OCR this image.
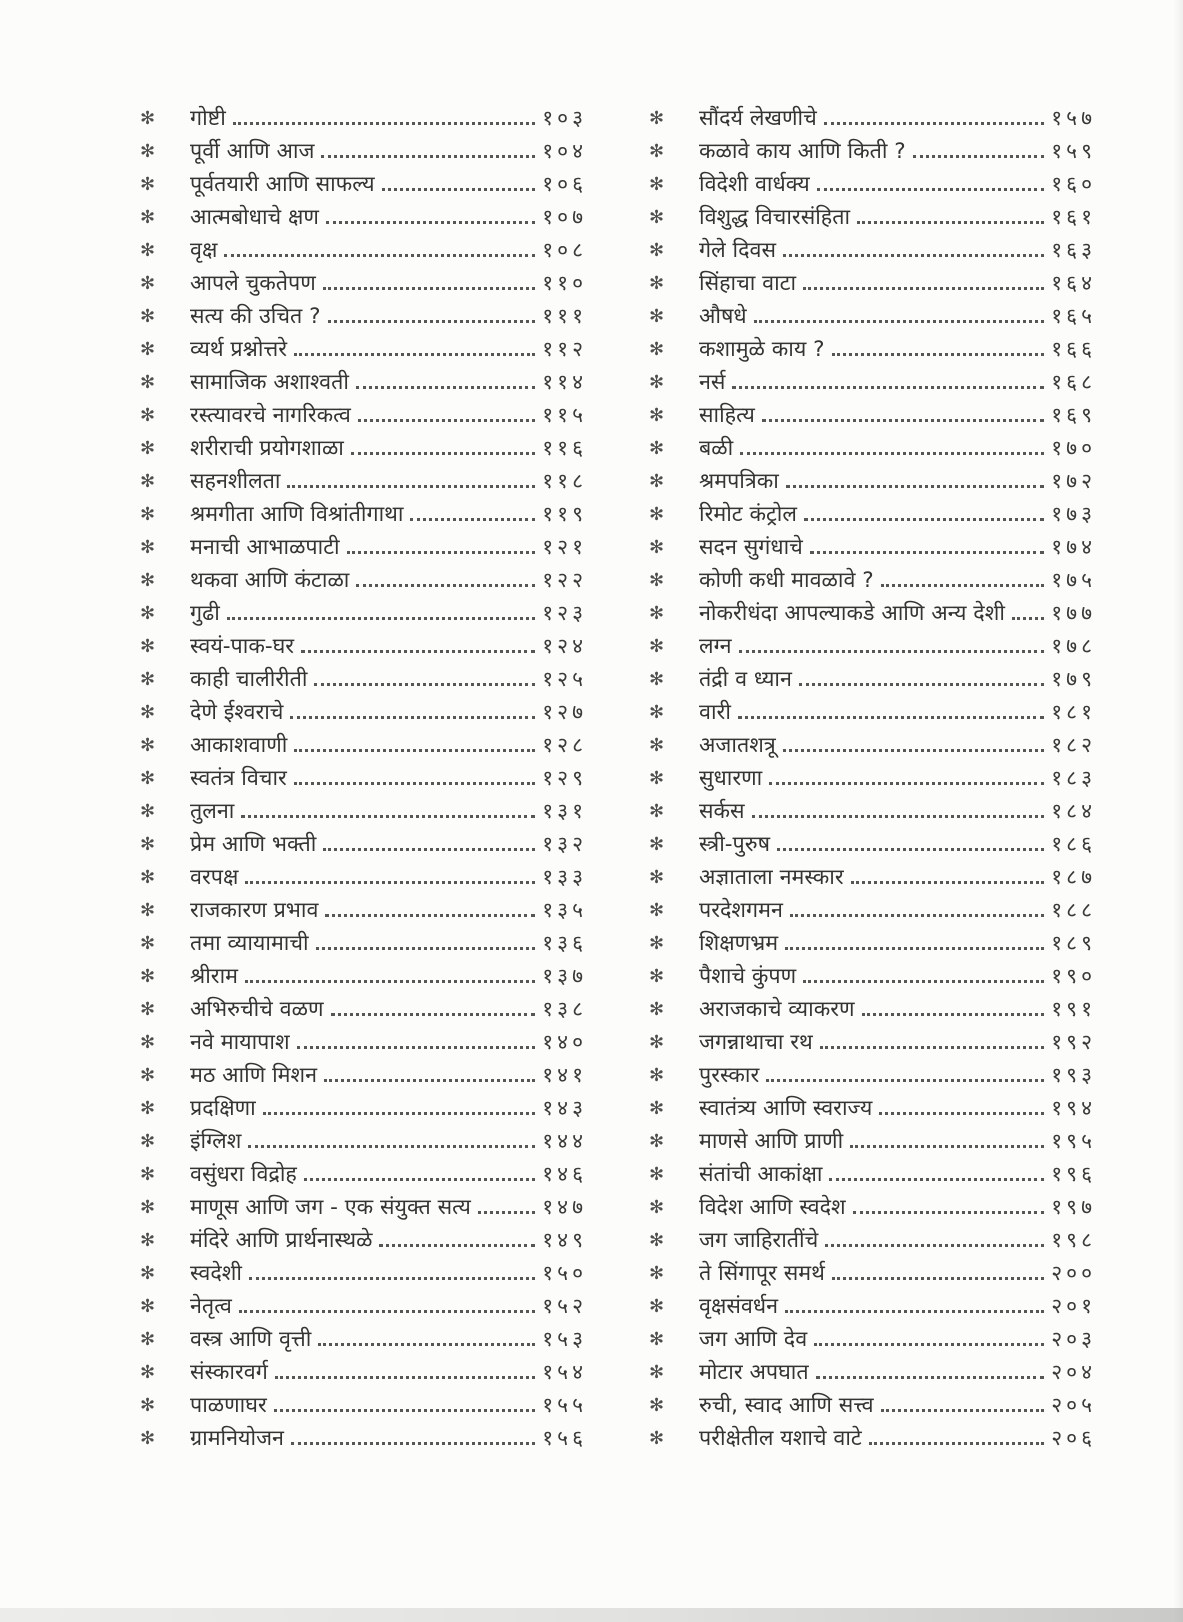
✻	गोष्टी	१०३
✻	पूर्वी आणि आज	१०४
✻	पूर्वतयारी आणि साफल्य	१०६
✻	आत्मबोधाचे क्षण	१०७
✻	वृक्ष	१०८
✻	आपले चुकतेपण	११०
✻	सत्य की उचित ?	१११
✻	व्यर्थ प्रश्नोत्तरे	११२
✻	सामाजिक अशाश्वती	११४
✻	रस्त्यावरचे नागरिकत्व	११५
✻	शरीराची प्रयोगशाळा	११६
✻	सहनशीलता	११८
✻	श्रमगीता आणि विश्रांतीगाथा	११९
✻	मनाची आभाळपाटी	१२१
✻	थकवा आणि कंटाळा	१२२
✻	गुढी	१२३
✻	स्वयं-पाक-घर	१२४
✻	काही चालीरीती	१२५
✻	देणे ईश्वराचे	१२७
✻	आकाशवाणी	१२८
✻	स्वतंत्र विचार	१२९
✻	तुलना	१३१
✻	प्रेम आणि भक्ती	१३२
✻	वरपक्ष	१३३
✻	राजकारण प्रभाव	१३५
✻	तमा व्यायामाची	१३६
✻	श्रीराम	१३७
✻	अभिरुचीचे वळण	१३८
✻	नवे मायापाश	१४०
✻	मठ आणि मिशन	१४१
✻	प्रदक्षिणा	१४३
✻	इंग्लिश	१४४
✻	वसुंधरा विद्रोह	१४६
✻	माणूस आणि जग - एक संयुक्त सत्य	१४७
✻	मंदिरे आणि प्रार्थनास्थळे	१४९
✻	स्वदेशी	१५०
✻	नेतृत्व	१५२
✻	वस्त्र आणि वृत्ती	१५३
✻	संस्कारवर्ग	१५४
✻	पाळणाघर	१५५
✻	ग्रामनियोजन	१५६
✻	सौंदर्य लेखणीचे	१५७
✻	कळावे काय आणि किती ?	१५९
✻	विदेशी वार्धक्य	१६०
✻	विशुद्ध विचारसंहिता	१६१
✻	गेले दिवस	१६३
✻	सिंहाचा वाटा	१६४
✻	औषधे	१६५
✻	कशामुळे काय ?	१६६
✻	नर्स	१६८
✻	साहित्य	१६९
✻	बळी	१७०
✻	श्रमपत्रिका	१७२
✻	रिमोट कंट्रोल	१७३
✻	सदन सुगंधाचे	१७४
✻	कोणी कधी मावळावे ?	१७५
✻	नोकरीधंदा आपल्याकडे आणि अन्य देशी १७७
✻	लग्न	१७८
✻	तंद्री व ध्यान	१७९
✻	वारी	१८१
✻	अजातशत्रू	१८२
✻	सुधारणा	१८३
✻	सर्कस	१८४
✻	स्त्री-पुरुष	१८६
✻	अज्ञाताला नमस्कार	१८७
✻	परदेशगमन	१८८
✻	शिक्षणभ्रम	१८९
✻	पैशाचे कुंपण	१९०
✻	अराजकाचे व्याकरण	१९१
✻	जगन्नाथाचा रथ	१९२
✻	पुरस्कार	१९३
✻	स्वातंत्र्य आणि स्वराज्य	१९४
✻	माणसे आणि प्राणी	१९५
✻	संतांची आकांक्षा	१९६
✻	विदेश आणि स्वदेश	१९७
✻	जग जाहिरातींचे	१९८
✻	ते सिंगापूर समर्थ	२००
✻	वृक्षसंवर्धन	२०१
✻	जग आणि देव	२०३
✻	मोटार अपघात	२०४
✻	रुची, स्वाद आणि सत्त्व	२०५
✻	परीक्षेतील यशाचे वाटे	२०६
